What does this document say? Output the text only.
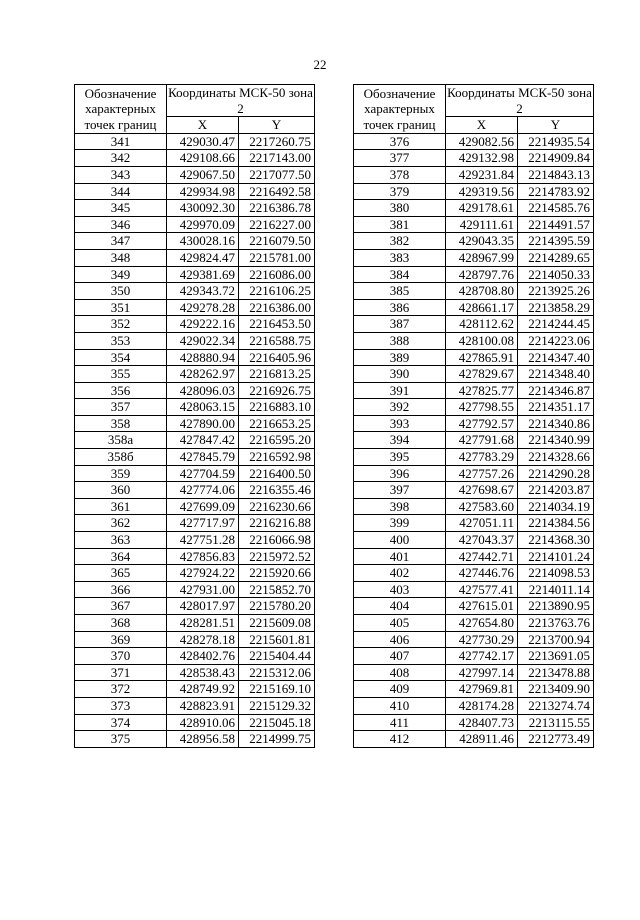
22
Обозначение характерных точек границ	Координаты МСК-50 зона 2	
	X	Y
341	429030.47	2217260.75
342	429108.66	2217143.00
343	429067.50	2217077.50
344	429934.98	2216492.58
345	430092.30	2216386.78
346	429970.09	2216227.00
347	430028.16	2216079.50
348	429824.47	2215781.00
349	429381.69	2216086.00
350	429343.72	2216106.25
351	429278.28	2216386.00
352	429222.16	2216453.50
353	429022.34	2216588.75
354	428880.94	2216405.96
355	428262.97	2216813.25
356	428096.03	2216926.75
357	428063.15	2216883.10
358	427890.00	2216653.25
358а	427847.42	2216595.20
358б	427845.79	2216592.98
359	427704.59	2216400.50
360	427774.06	2216355.46
361	427699.09	2216230.66
362	427717.97	2216216.88
363	427751.28	2216066.98
364	427856.83	2215972.52
365	427924.22	2215920.66
366	427931.00	2215852.70
367	428017.97	2215780.20
368	428281.51	2215609.08
369	428278.18	2215601.81
370	428402.76	2215404.44
371	428538.43	2215312.06
372	428749.92	2215169.10
373	428823.91	2215129.32
374	428910.06	2215045.18
375	428956.58	2214999.75
Обозначение характерных точек границ	Координаты МСК-50 зона 2	
	X	Y
376	429082.56	2214935.54
377	429132.98	2214909.84
378	429231.84	2214843.13
379	429319.56	2214783.92
380	429178.61	2214585.76
381	429111.61	2214491.57
382	429043.35	2214395.59
383	428967.99	2214289.65
384	428797.76	2214050.33
385	428708.80	2213925.26
386	428661.17	2213858.29
387	428112.62	2214244.45
388	428100.08	2214223.06
389	427865.91	2214347.40
390	427829.67	2214348.40
391	427825.77	2214346.87
392	427798.55	2214351.17
393	427792.57	2214340.86
394	427791.68	2214340.99
395	427783.29	2214328.66
396	427757.26	2214290.28
397	427698.67	2214203.87
398	427583.60	2214034.19
399	427051.11	2214384.56
400	427043.37	2214368.30
401	427442.71	2214101.24
402	427446.76	2214098.53
403	427577.41	2214011.14
404	427615.01	2213890.95
405	427654.80	2213763.76
406	427730.29	2213700.94
407	427742.17	2213691.05
408	427997.14	2213478.88
409	427969.81	2213409.90
410	428174.28	2213274.74
411	428407.73	2213115.55
412	428911.46	2212773.49
